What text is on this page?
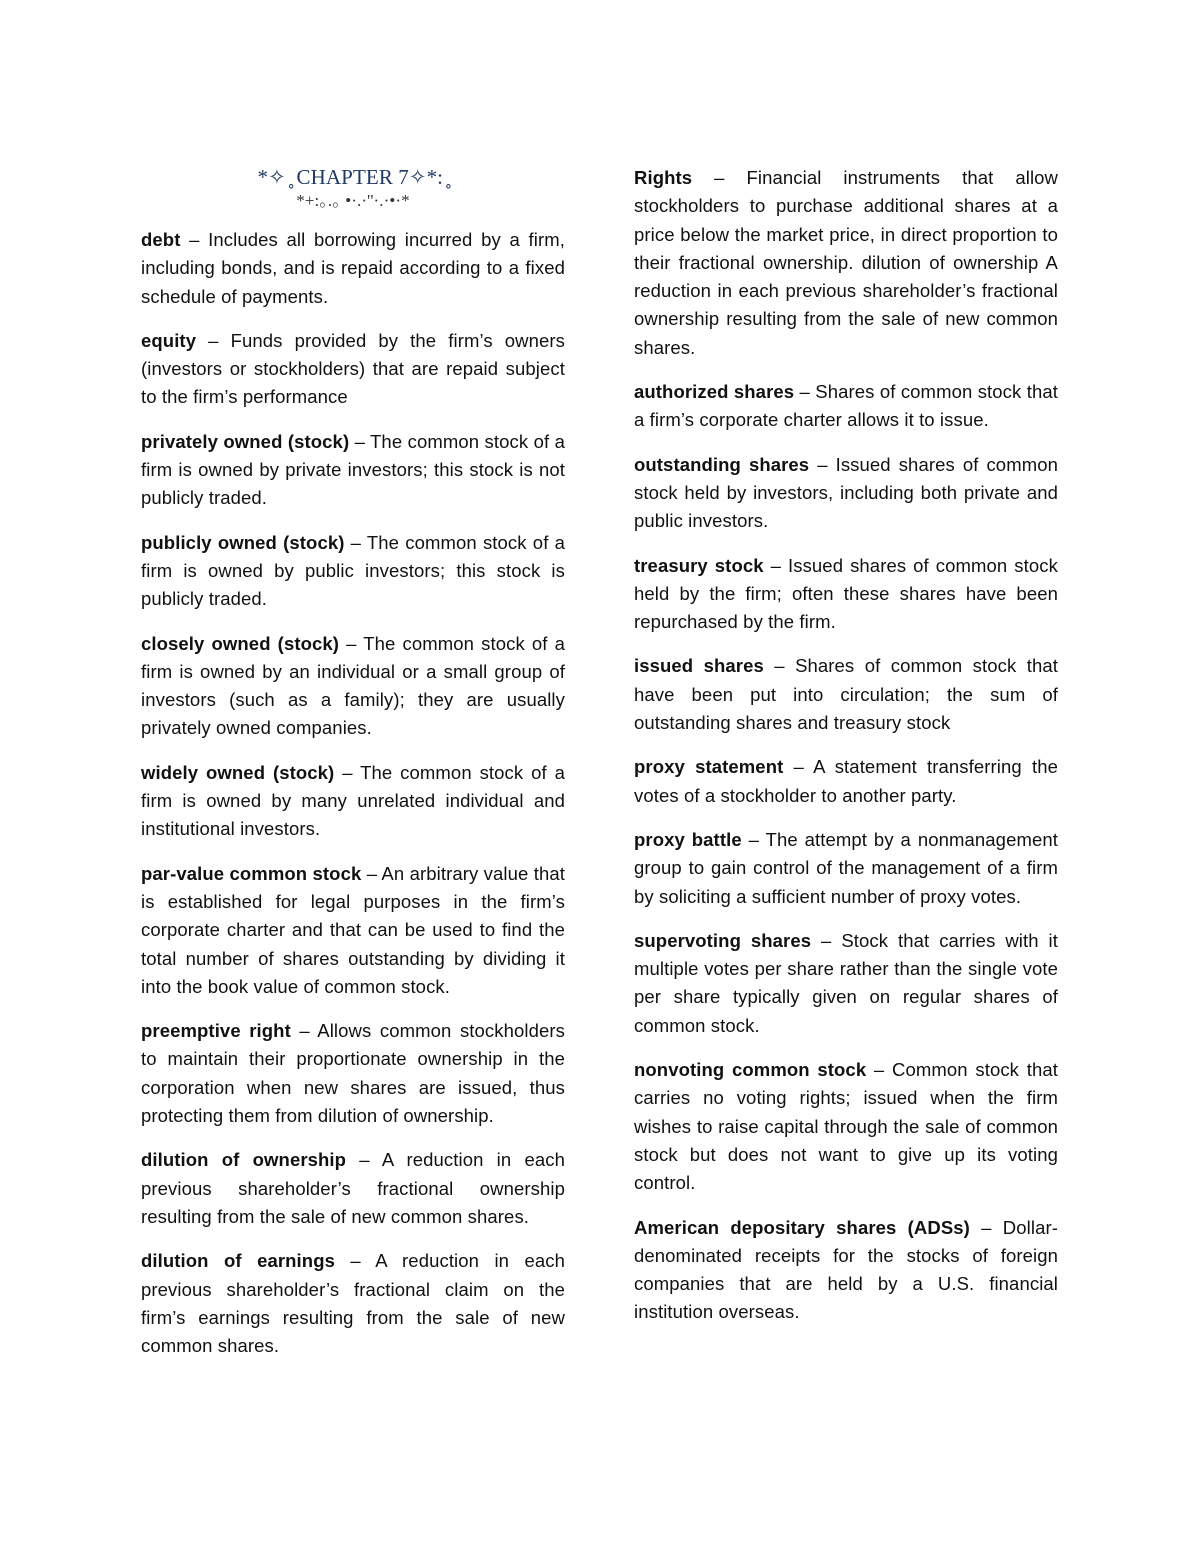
*✧ ̥̥ CHAPTER 7✧*: ̥̥
*+:｡.｡ •·.·''·.·•·*

debt – Includes all borrowing incurred by a firm, including bonds, and is repaid according to a fixed schedule of payments.

equity – Funds provided by the firm’s owners (investors or stockholders) that are repaid subject to the firm’s performance

privately owned (stock) – The common stock of a firm is owned by private investors; this stock is not publicly traded.

publicly owned (stock) – The common stock of a firm is owned by public investors; this stock is publicly traded.

closely owned (stock) – The common stock of a firm is owned by an individual or a small group of investors (such as a family); they are usually privately owned companies.

widely owned (stock) – The common stock of a firm is owned by many unrelated individual and institutional investors.

par-value common stock – An arbitrary value that is established for legal purposes in the firm’s corporate charter and that can be used to find the total number of shares outstanding by dividing it into the book value of common stock.

preemptive right – Allows common stockholders to maintain their proportionate ownership in the corporation when new shares are issued, thus protecting them from dilution of ownership.

dilution of ownership – A reduction in each previous shareholder’s fractional ownership resulting from the sale of new common shares.

dilution of earnings – A reduction in each previous shareholder’s fractional claim on the firm’s earnings resulting from the sale of new common shares.

Rights – Financial instruments that allow stockholders to purchase additional shares at a price below the market price, in direct proportion to their fractional ownership. dilution of ownership A reduction in each previous shareholder’s fractional ownership resulting from the sale of new common shares.

authorized shares – Shares of common stock that a firm’s corporate charter allows it to issue.

outstanding shares – Issued shares of common stock held by investors, including both private and public investors.

treasury stock – Issued shares of common stock held by the firm; often these shares have been repurchased by the firm.

issued shares – Shares of common stock that have been put into circulation; the sum of outstanding shares and treasury stock

proxy statement – A statement transferring the votes of a stockholder to another party.

proxy battle – The attempt by a nonmanagement group to gain control of the management of a firm by soliciting a sufficient number of proxy votes.

supervoting shares – Stock that carries with it multiple votes per share rather than the single vote per share typically given on regular shares of common stock.

nonvoting common stock – Common stock that carries no voting rights; issued when the firm wishes to raise capital through the sale of common stock but does not want to give up its voting control.

American depositary shares (ADSs) – Dollar-denominated receipts for the stocks of foreign companies that are held by a U.S. financial institution overseas.
